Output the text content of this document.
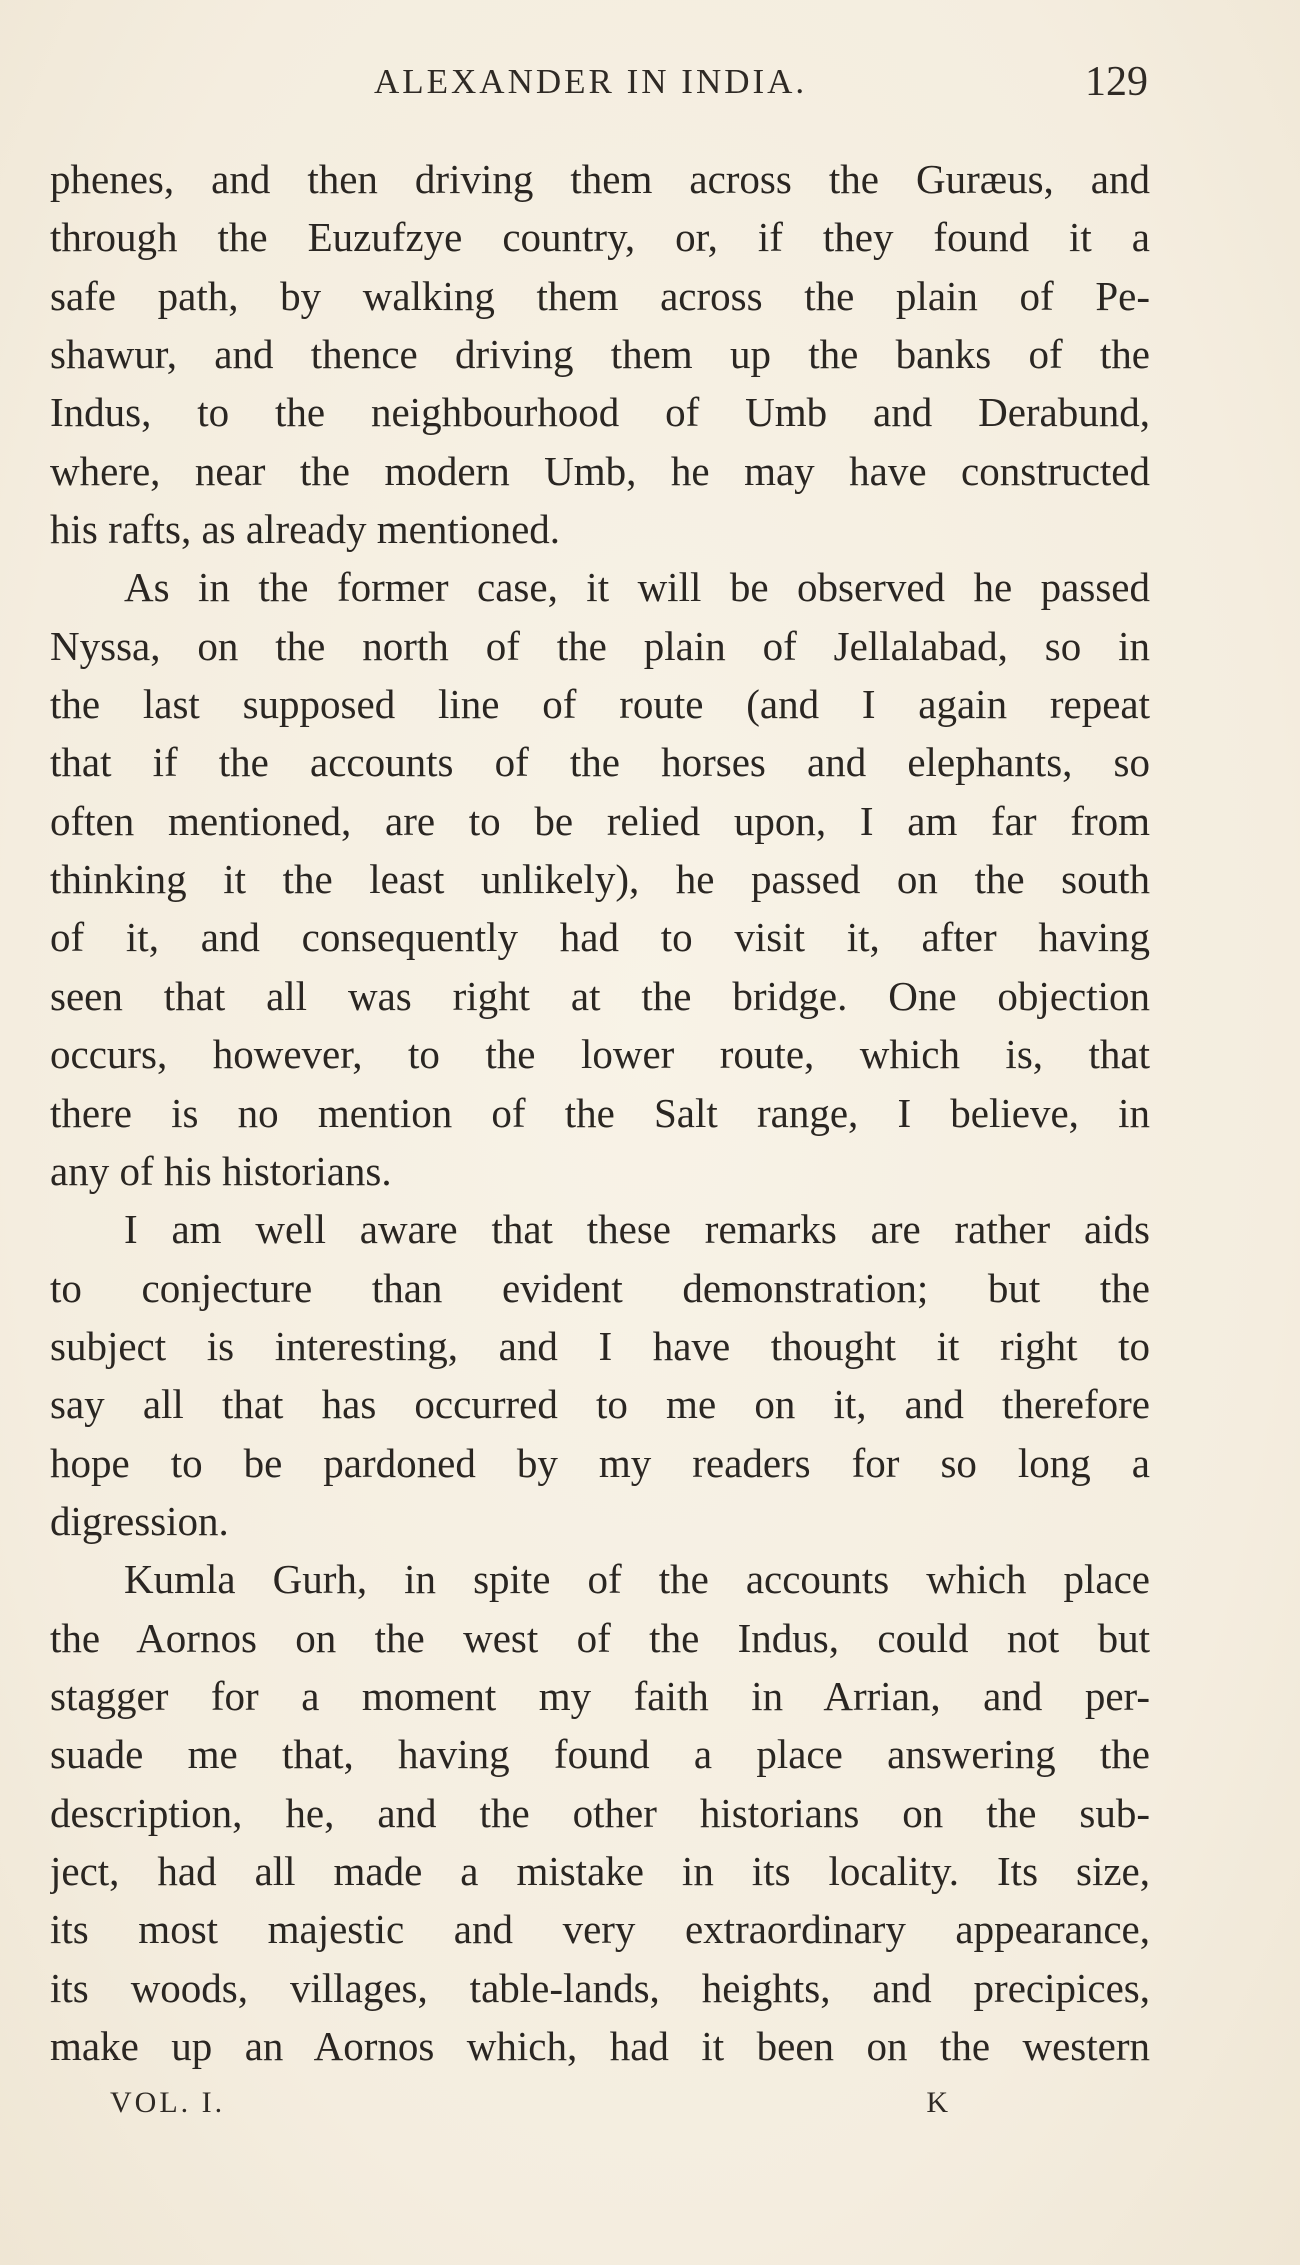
ALEXANDER IN INDIA.	129
phenes, and then driving them across the Guræus, and
through the Euzufzye country, or, if they found it a
safe path, by walking them across the plain of Pe-
shawur, and thence driving them up the banks of the
Indus, to the neighbourhood of Umb and Derabund,
where, near the modern Umb, he may have constructed
his rafts, as already mentioned.
As in the former case, it will be observed he passed
Nyssa, on the north of the plain of Jellalabad, so in
the last supposed line of route (and I again repeat
that if the accounts of the horses and elephants, so
often mentioned, are to be relied upon, I am far from
thinking it the least unlikely), he passed on the south
of it, and consequently had to visit it, after having
seen that all was right at the bridge. One objection
occurs, however, to the lower route, which is, that
there is no mention of the Salt range, I believe, in
any of his historians.
I am well aware that these remarks are rather aids
to conjecture than evident demonstration; but the
subject is interesting, and I have thought it right to
say all that has occurred to me on it, and therefore
hope to be pardoned by my readers for so long a
digression.
Kumla Gurh, in spite of the accounts which place
the Aornos on the west of the Indus, could not but
stagger for a moment my faith in Arrian, and per-
suade me that, having found a place answering the
description, he, and the other historians on the sub-
ject, had all made a mistake in its locality. Its size,
its most majestic and very extraordinary appearance,
its woods, villages, table-lands, heights, and precipices,
make up an Aornos which, had it been on the western
VOL. I.	K
